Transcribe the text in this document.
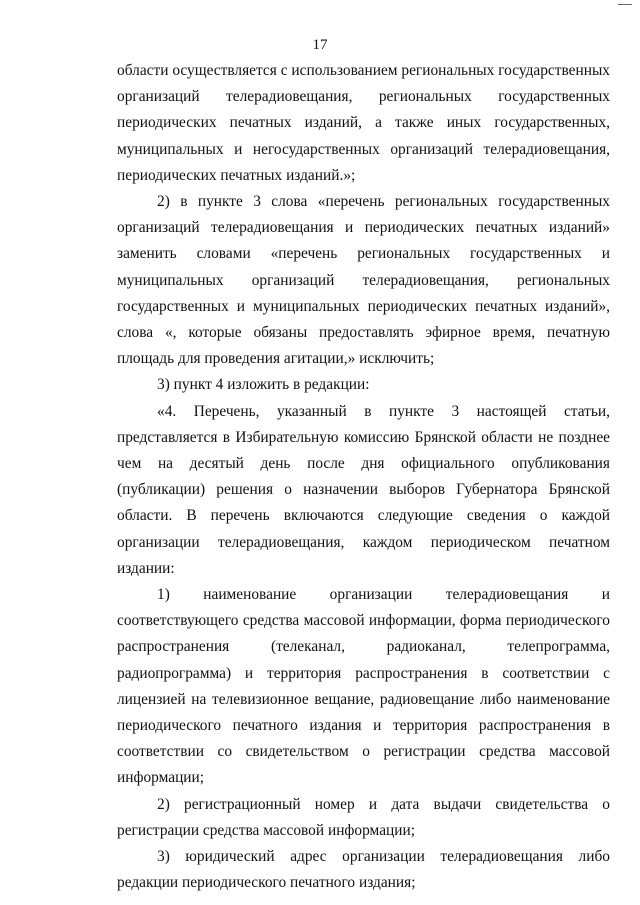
17

области осуществляется с использованием региональных государственных организаций телерадиовещания, региональных государственных периодических печатных изданий, а также иных государственных, муниципальных и негосударственных организаций телерадиовещания, периодических печатных изданий.»;

2) в пункте 3 слова «перечень региональных государственных организаций телерадиовещания и периодических печатных изданий» заменить словами «перечень региональных государственных и муниципальных организаций телерадиовещания, региональных государственных и муниципальных периодических печатных изданий», слова «, которые обязаны предоставлять эфирное время, печатную площадь для проведения агитации,» исключить;

3) пункт 4 изложить в редакции:

«4. Перечень, указанный в пункте 3 настоящей статьи, представляется в Избирательную комиссию Брянской области не позднее чем на десятый день после дня официального опубликования (публикации) решения о назначении выборов Губернатора Брянской области. В перечень включаются следующие сведения о каждой организации телерадиовещания, каждом периодическом печатном издании:

1) наименование организации телерадиовещания и соответствующего средства массовой информации, форма периодического распространения (телеканал, радиоканал, телепрограмма, радиопрограмма) и территория распространения в соответствии с лицензией на телевизионное вещание, радиовещание либо наименование периодического печатного издания и территория распространения в соответствии со свидетельством о регистрации средства массовой информации;

2) регистрационный номер и дата выдачи свидетельства о регистрации средства массовой информации;

3) юридический адрес организации телерадиовещания либо редакции периодического печатного издания;
